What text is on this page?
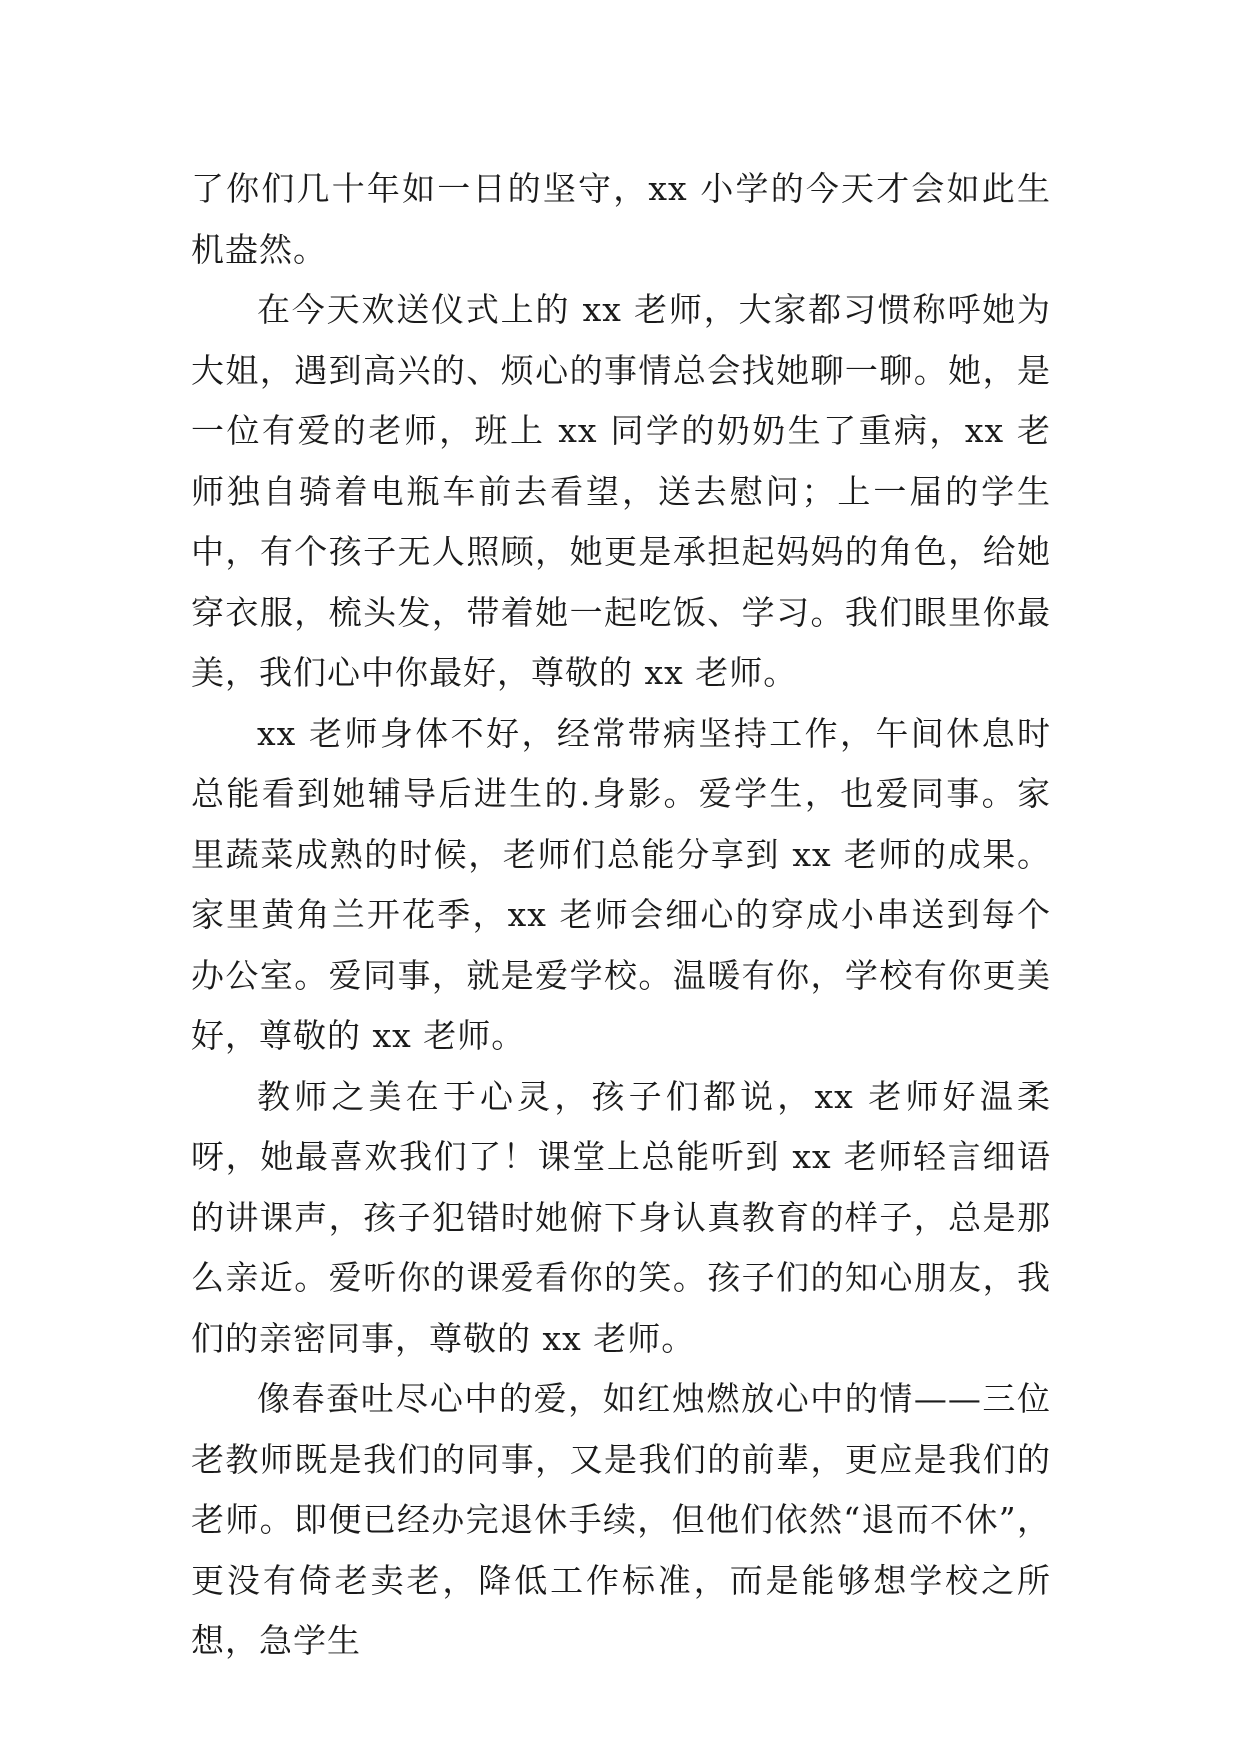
了你们几十年如一日的坚守，xx 小学的今天才会如此生机盎然。

在今天欢送仪式上的 xx 老师，大家都习惯称呼她为大姐，遇到高兴的、烦心的事情总会找她聊一聊。她，是一位有爱的老师，班上 xx 同学的奶奶生了重病，xx 老师独自骑着电瓶车前去看望，送去慰问；上一届的学生中，有个孩子无人照顾，她更是承担起妈妈的角色，给她穿衣服，梳头发，带着她一起吃饭、学习。我们眼里你最美，我们心中你最好，尊敬的 xx 老师。

xx 老师身体不好，经常带病坚持工作，午间休息时总能看到她辅导后进生的.身影。爱学生，也爱同事。家里蔬菜成熟的时候，老师们总能分享到 xx 老师的成果。家里黄角兰开花季，xx 老师会细心的穿成小串送到每个办公室。爱同事，就是爱学校。温暖有你，学校有你更美好，尊敬的 xx 老师。

教师之美在于心灵，孩子们都说，xx 老师好温柔呀，她最喜欢我们了！课堂上总能听到 xx 老师轻言细语的讲课声，孩子犯错时她俯下身认真教育的样子，总是那么亲近。爱听你的课爱看你的笑。孩子们的知心朋友，我们的亲密同事，尊敬的 xx 老师。

像春蚕吐尽心中的爱，如红烛燃放心中的情——三位老教师既是我们的同事，又是我们的前辈，更应是我们的老师。即便已经办完退休手续，但他们依然“退而不休”，更没有倚老卖老，降低工作标准，而是能够想学校之所想，急学生
